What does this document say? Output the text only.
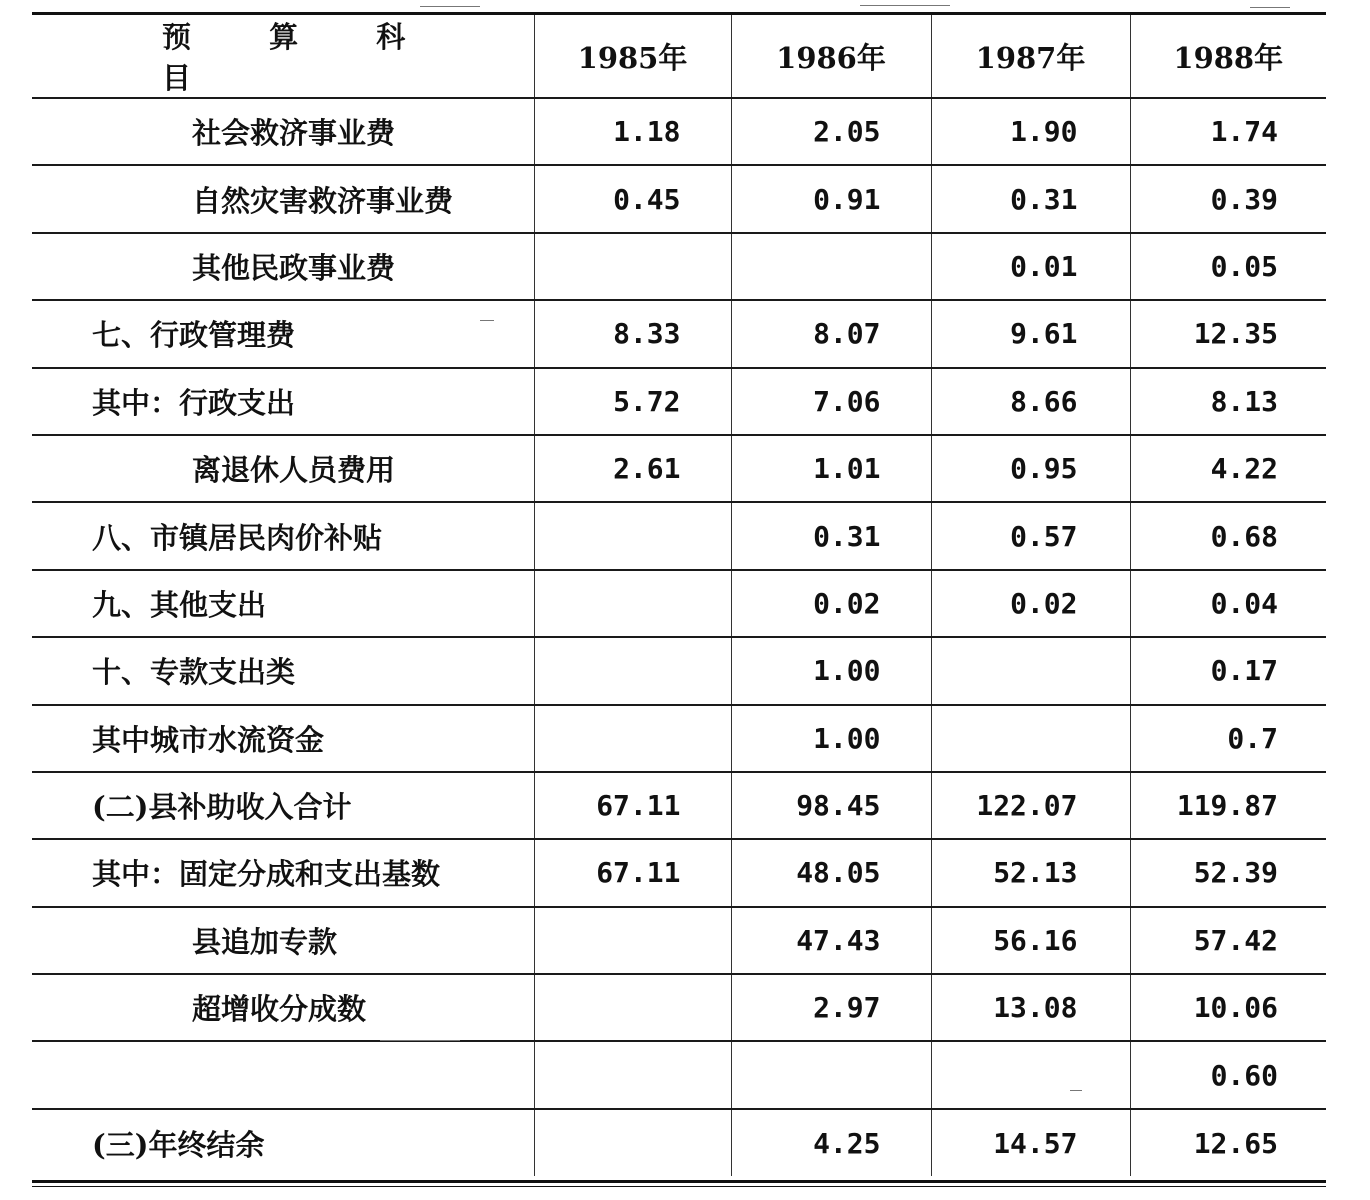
预 算 科 目	1985年	1986年	1987年	1988年
社会救济事业费	1.18	2.05	1.90	1.74
自然灾害救济事业费	0.45	0.91	0.31	0.39
其他民政事业费			0.01	0.05
七、行政管理费	8.33	8.07	9.61	12.35
其中：行政支出	5.72	7.06	8.66	8.13
离退休人员费用	2.61	1.01	0.95	4.22
八、市镇居民肉价补贴		0.31	0.57	0.68
九、其他支出		0.02	0.02	0.04
十、专款支出类		1.00		0.17
其中城市水流资金		1.00		0.7
(二)县补助收入合计	67.11	98.45	122.07	119.87
其中：固定分成和支出基数	67.11	48.05	52.13	52.39
县追加专款		47.43	56.16	57.42
超增收分成数		2.97	13.08	10.06
				0.60
(三)年终结余		4.25	14.57	12.65
